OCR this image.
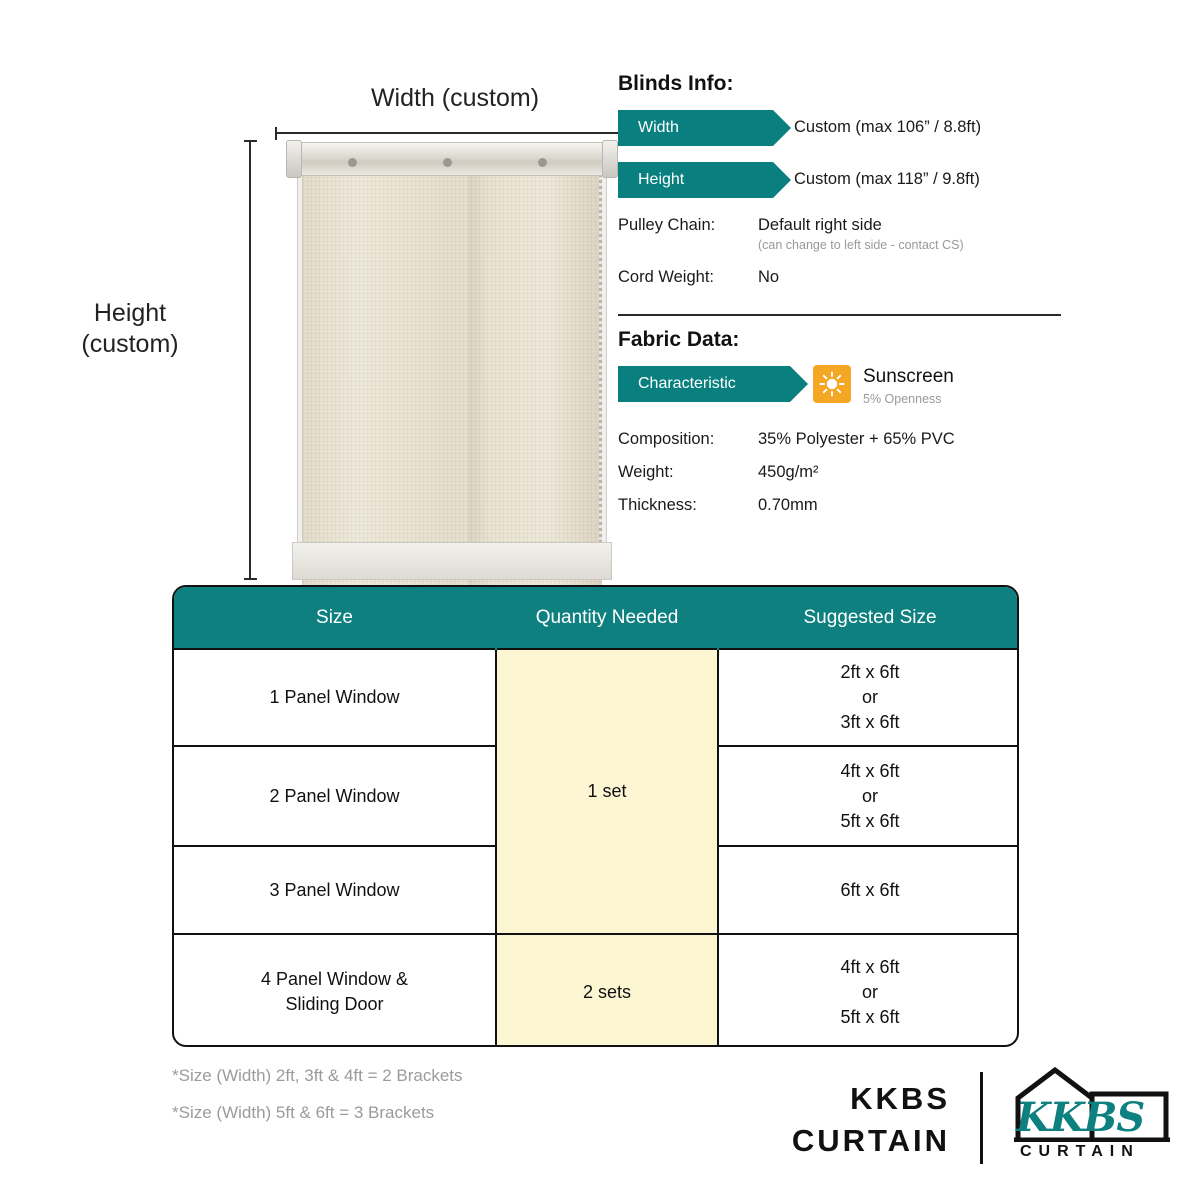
Width (custom)
Height
(custom)
Blinds Info:
Width	Custom (max 106” / 8.8ft)
Height	Custom (max 118” / 9.8ft)
Pulley Chain:	Default right side
(can change to left side - contact CS)
Cord Weight:	No
Fabric Data:
Characteristic	Sunscreen
5% Openness
Composition:	35% Polyester + 65% PVC
Weight:	450g/m²
Thickness:	0.70mm
Size	Quantity Needed	Suggested Size
1 Panel Window	1 set	2ft x 6ft
or
3ft x 6ft
2 Panel Window		4ft x 6ft
or
5ft x 6ft
3 Panel Window		6ft x 6ft
4 Panel Window &
Sliding Door	2 sets	4ft x 6ft
or
5ft x 6ft
*Size (Width) 2ft, 3ft & 4ft = 2 Brackets
*Size (Width) 5ft & 6ft = 3 Brackets	KKBS
CURTAIN KKBS
CURTAIN
